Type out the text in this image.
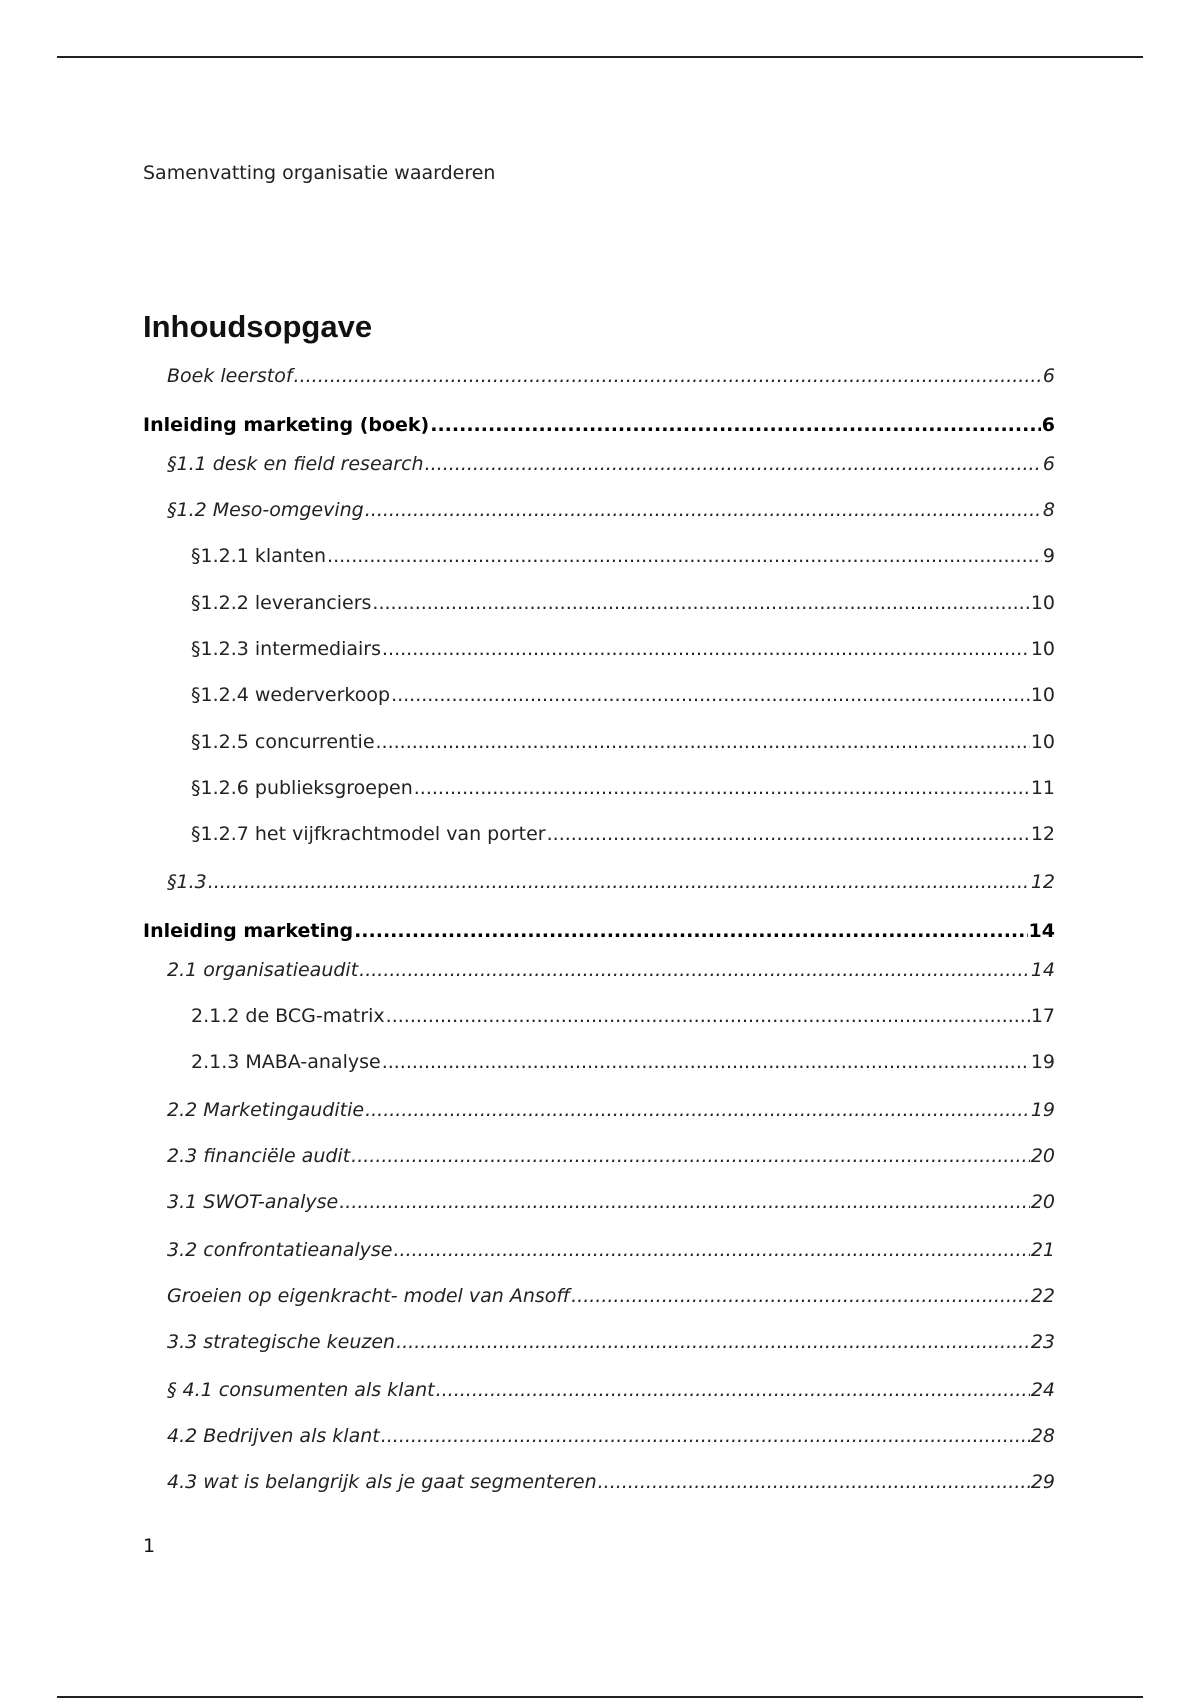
Samenvatting organisatie waarderen
Inhoudsopgave
Boek leerstof .....	6
Inleiding marketing (boek) .....	6
§1.1 desk en field research .....	6
§1.2 Meso-omgeving .....	8
§1.2.1 klanten .....	9
§1.2.2 leveranciers .....	10
§1.2.3 intermediairs .....	10
§1.2.4 wederverkoop .....	10
§1.2.5 concurrentie .....	10
§1.2.6 publieksgroepen .....	11
§1.2.7 het vijfkrachtmodel van porter .....	12
§1.3 .....	12
Inleiding marketing .....	14
2.1 organisatieaudit .....	14
2.1.2 de BCG-matrix .....	17
2.1.3 MABA-analyse .....	19
2.2 Marketingauditie .....	19
2.3 financiële audit .....	20
3.1 SWOT-analyse .....	20
3.2 confrontatieanalyse .....	21
Groeien op eigenkracht- model van Ansoff .....	22
3.3 strategische keuzen .....	23
§ 4.1 consumenten als klant .....	24
4.2 Bedrijven als klant .....	28
4.3 wat is belangrijk als je gaat segmenteren .....	29
1
